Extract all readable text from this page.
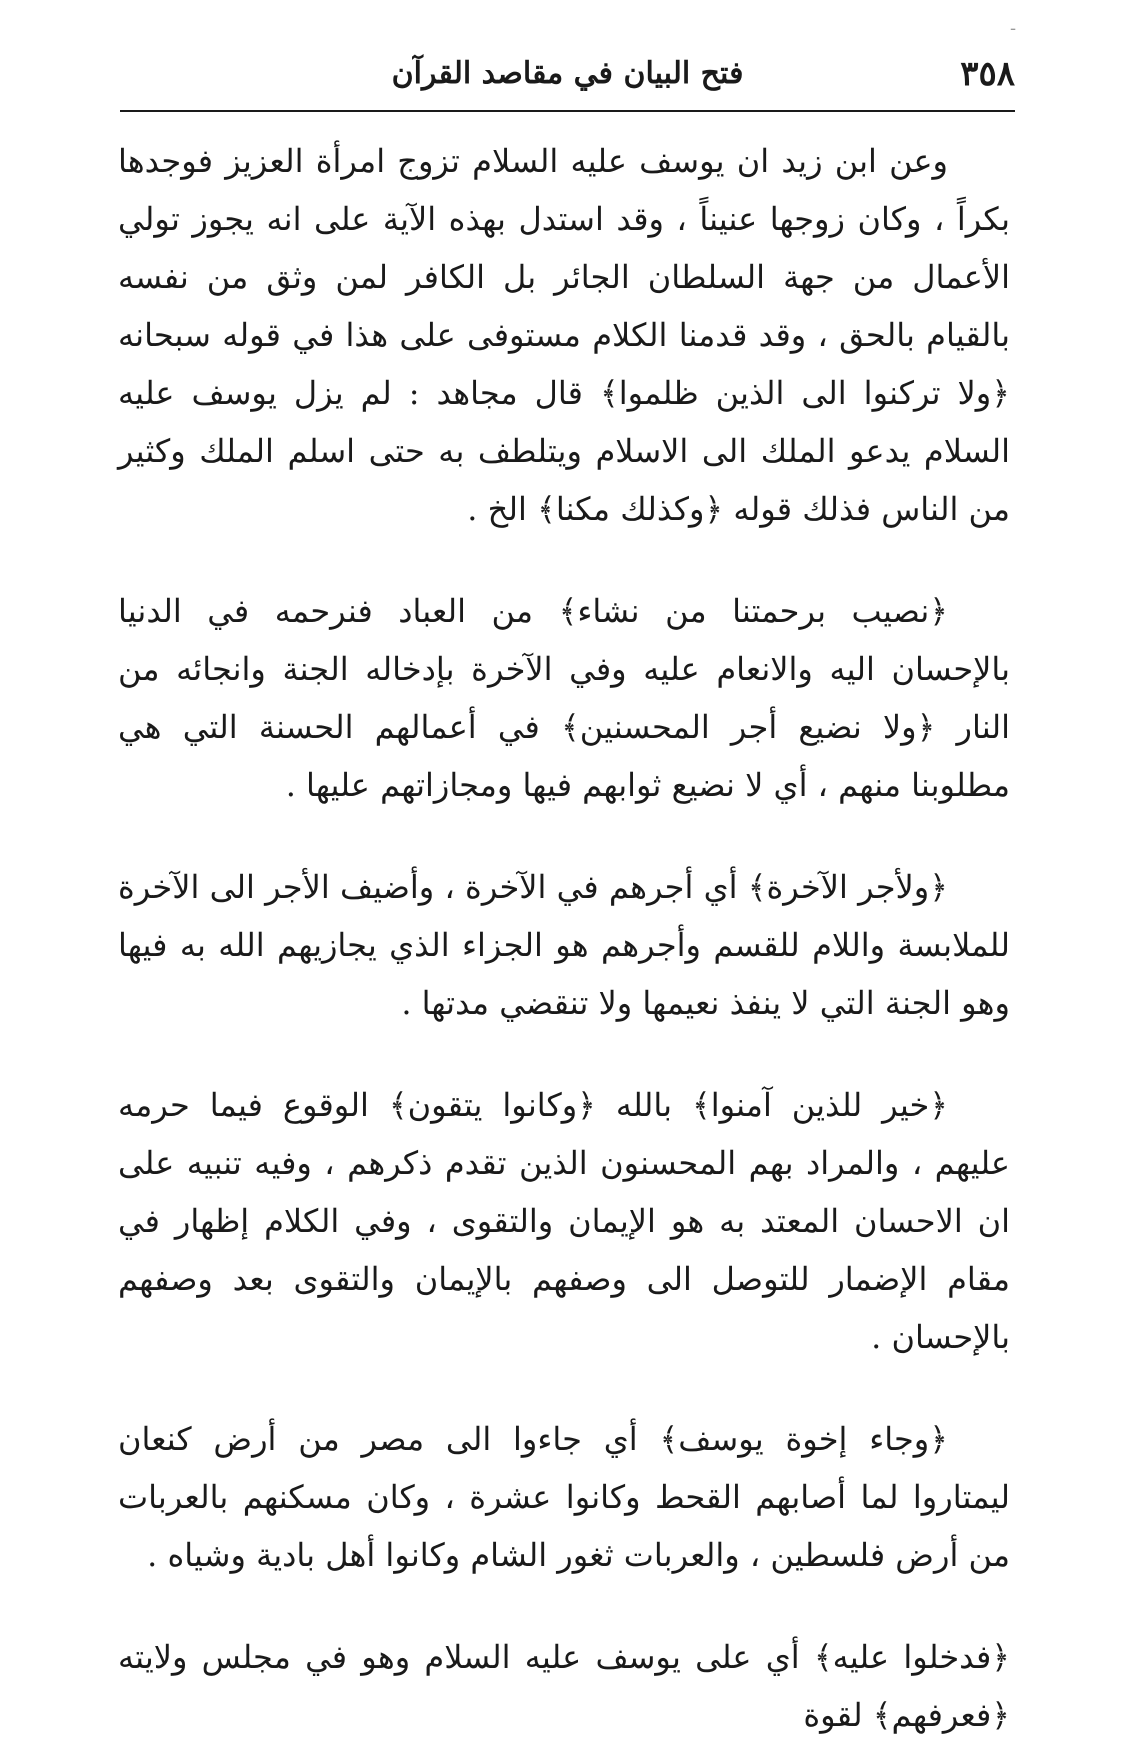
-
٣٥٨
فتح البيان في مقاصد القرآن

وعن ابن زيد ان يوسف عليه السلام تزوج امرأة العزيز فوجدها بكراً ، وكان زوجها عنيناً ، وقد استدل بهذه الآية على انه يجوز تولي الأعمال من جهة السلطان الجائر بل الكافر لمن وثق من نفسه بالقيام بالحق ، وقد قدمنا الكلام مستوفى على هذا في قوله سبحانه ﴿ولا تركنوا الى الذين ظلموا﴾ قال مجاهد : لم يزل يوسف عليه السلام يدعو الملك الى الاسلام ويتلطف به حتى اسلم الملك وكثير من الناس فذلك قوله ﴿وكذلك مكنا﴾ الخ .

﴿نصيب برحمتنا من نشاء﴾ من العباد فنرحمه في الدنيا بالإحسان اليه والانعام عليه وفي الآخرة بإدخاله الجنة وانجائه من النار ﴿ولا نضيع أجر المحسنين﴾ في أعمالهم الحسنة التي هي مطلوبنا منهم ، أي لا نضيع ثوابهم فيها ومجازاتهم عليها .

﴿ولأجر الآخرة﴾ أي أجرهم في الآخرة ، وأضيف الأجر الى الآخرة للملابسة واللام للقسم وأجرهم هو الجزاء الذي يجازيهم الله به فيها وهو الجنة التي لا ينفذ نعيمها ولا تنقضي مدتها .

﴿خير للذين آمنوا﴾ بالله ﴿وكانوا يتقون﴾ الوقوع فيما حرمه عليهم ، والمراد بهم المحسنون الذين تقدم ذكرهم ، وفيه تنبيه على ان الاحسان المعتد به هو الإيمان والتقوى ، وفي الكلام إظهار في مقام الإضمار للتوصل الى وصفهم بالإيمان والتقوى بعد وصفهم بالإحسان .

﴿وجاء إخوة يوسف﴾ أي جاءوا الى مصر من أرض كنعان ليمتاروا لما أصابهم القحط وكانوا عشرة ، وكان مسكنهم بالعربات من أرض فلسطين ، والعربات ثغور الشام وكانوا أهل بادية وشياه .

﴿فدخلوا عليه﴾ أي على يوسف عليه السلام وهو في مجلس ولايته ﴿فعرفهم﴾ لقوة
